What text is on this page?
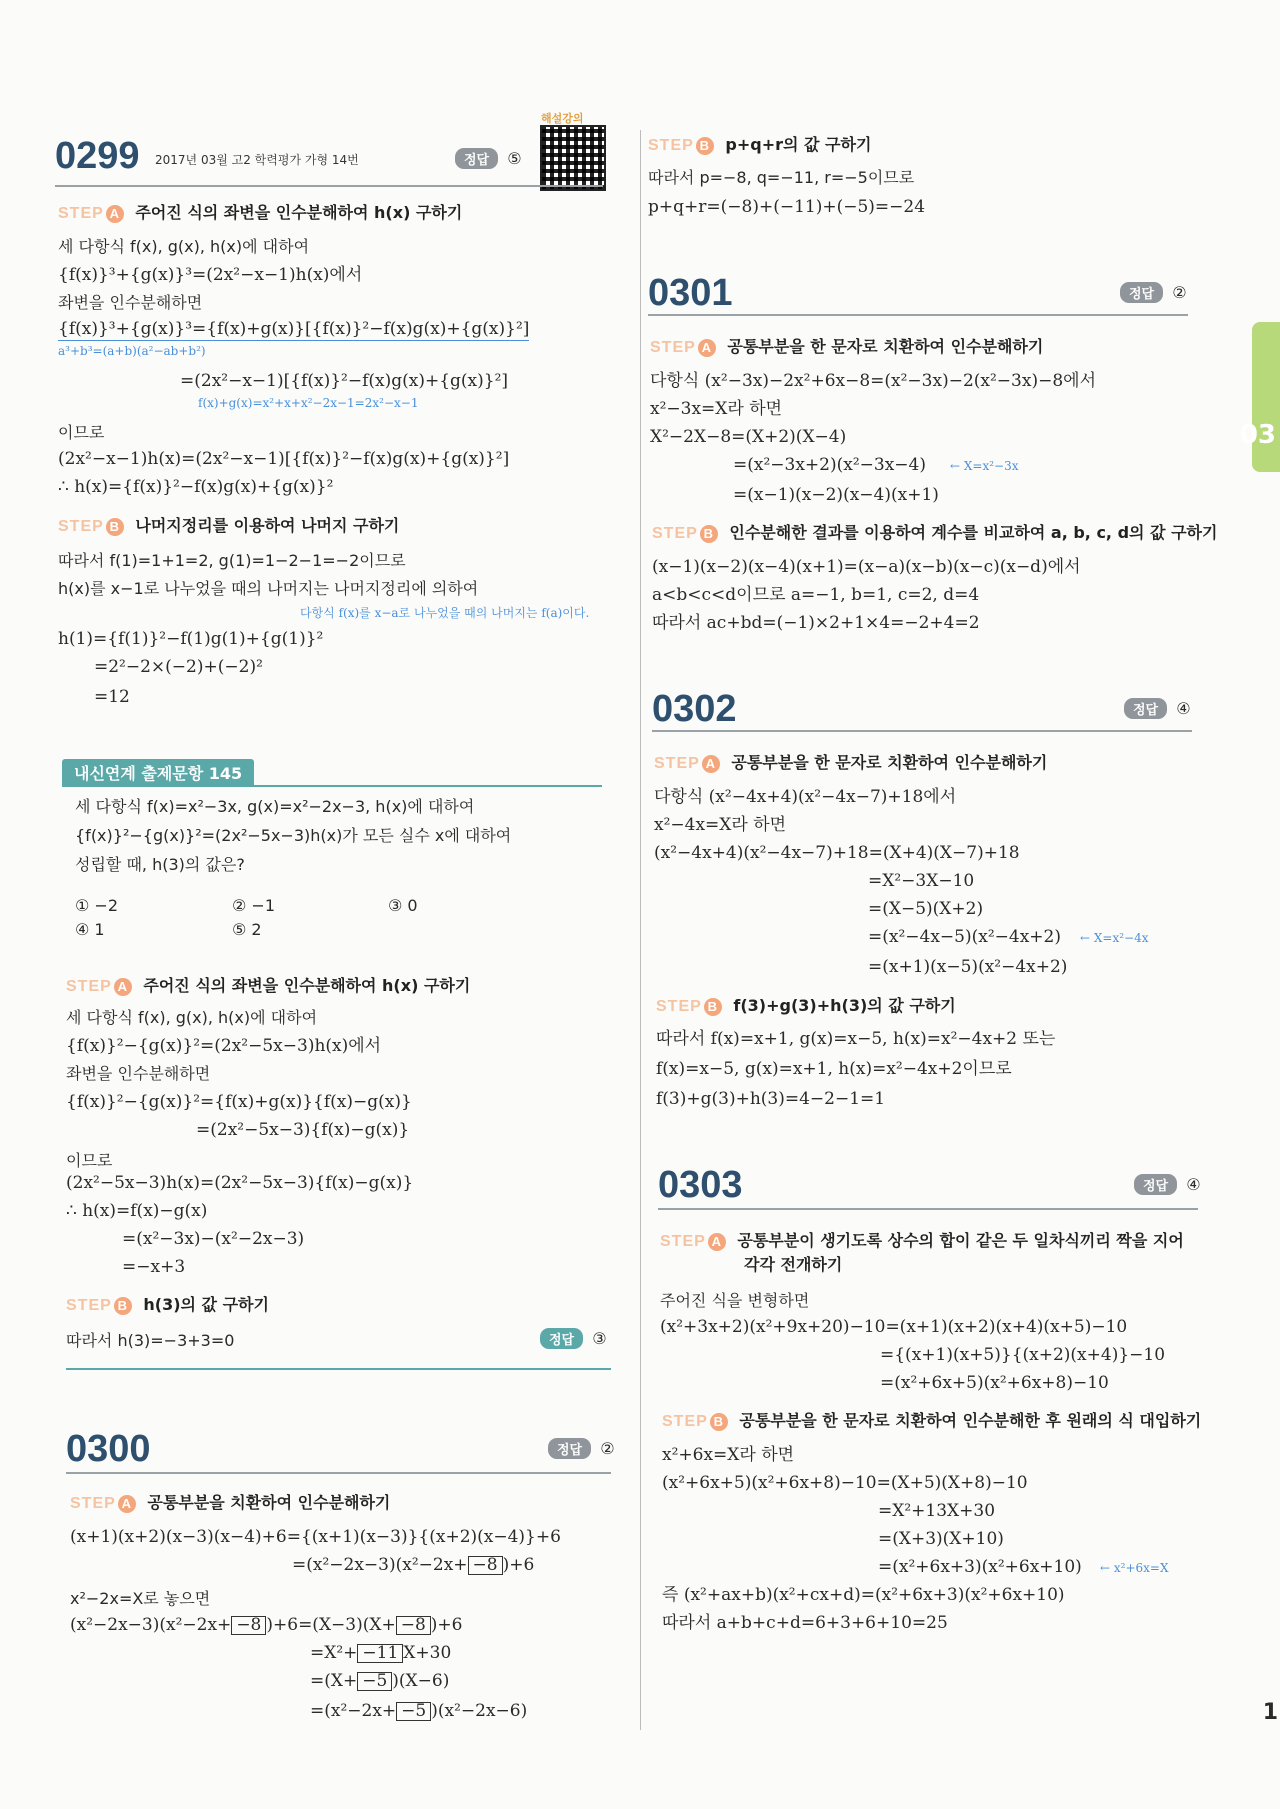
1
0299 2017년 03월 고2 학력평가 가형 14번	정답 ⑤
해설강의
STEP A 주어진 식의 좌변을 인수분해하여 h(x) 구하기
세 다항식 f(x), g(x), h(x)에 대하여
{f(x)}³+{g(x)}³=(2x²−x−1)h(x)에서
좌변을 인수분해하면
{f(x)}³+{g(x)}³={f(x)+g(x)}[{f(x)}²−f(x)g(x)+{g(x)}²]
a³+b³=(a+b)(a²−ab+b²)
=(2x²−x−1)[{f(x)}²−f(x)g(x)+{g(x)}²]
f(x)+g(x)=x²+x+x²−2x−1=2x²−x−1
이므로
(2x²−x−1)h(x)=(2x²−x−1)[{f(x)}²−f(x)g(x)+{g(x)}²]
∴ h(x)={f(x)}²−f(x)g(x)+{g(x)}²
STEP B 나머지정리를 이용하여 나머지 구하기
따라서 f(1)=1+1=2, g(1)=1−2−1=−2이므로
h(x)를 x−1로 나누었을 때의 나머지는 나머지정리에 의하여
다항식 f(x)를 x−a로 나누었을 때의 나머지는 f(a)이다.
h(1)={f(1)}²−f(1)g(1)+{g(1)}²
=2²−2×(−2)+(−2)²
=12
내신연계 출제문항 145
세 다항식 f(x)=x²−3x, g(x)=x²−2x−3, h(x)에 대하여
{f(x)}²−{g(x)}²=(2x²−5x−3)h(x)가 모든 실수 x에 대하여
성립할 때, h(3)의 값은?
① −2	② −1	③ 0
④ 1	⑤ 2
STEP A 주어진 식의 좌변을 인수분해하여 h(x) 구하기
세 다항식 f(x), g(x), h(x)에 대하여
{f(x)}²−{g(x)}²=(2x²−5x−3)h(x)에서
좌변을 인수분해하면
{f(x)}²−{g(x)}²={f(x)+g(x)}{f(x)−g(x)}
=(2x²−5x−3){f(x)−g(x)}
이므로
(2x²−5x−3)h(x)=(2x²−5x−3){f(x)−g(x)}
∴ h(x)=f(x)−g(x)
=(x²−3x)−(x²−2x−3)
=−x+3
STEP B h(3)의 값 구하기
따라서 h(3)=−3+3=0	정답 ③
0300	정답 ②
STEP A 공통부분을 치환하여 인수분해하기
(x+1)(x+2)(x−3)(x−4)+6={(x+1)(x−3)}{(x+2)(x−4)}+6
=(x²−2x−3)(x²−2x+ −8 )+6
x²−2x=X로 놓으면
(x²−2x−3)(x²−2x+ −8 )+6=(X−3)(X+ −8 )+6
=X²+ −11 X+30
=(X+ −5 )(X−6)
=(x²−2x+ −5 )(x²−2x−6)
STEP B p+q+r의 값 구하기
따라서 p=−8, q=−11, r=−5이므로
p+q+r=(−8)+(−11)+(−5)=−24
0301	정답 ②
STEP A 공통부분을 한 문자로 치환하여 인수분해하기
다항식 (x²−3x)−2x²+6x−8=(x²−3x)−2(x²−3x)−8에서
x²−3x=X라 하면
X²−2X−8=(X+2)(X−4)
=(x²−3x+2)(x²−3x−4) ← X=x²−3x
=(x−1)(x−2)(x−4)(x+1)
STEP B 인수분해한 결과를 이용하여 계수를 비교하여 a, b, c, d의 값 구하기
(x−1)(x−2)(x−4)(x+1)=(x−a)(x−b)(x−c)(x−d)에서
a<b<c<d이므로 a=−1, b=1, c=2, d=4
따라서 ac+bd=(−1)×2+1×4=−2+4=2
0302	정답 ④
STEP A 공통부분을 한 문자로 치환하여 인수분해하기
다항식 (x²−4x+4)(x²−4x−7)+18에서
x²−4x=X라 하면
(x²−4x+4)(x²−4x−7)+18=(X+4)(X−7)+18
=X²−3X−10
=(X−5)(X+2)
=(x²−4x−5)(x²−4x+2) ← X=x²−4x
=(x+1)(x−5)(x²−4x+2)
STEP B f(3)+g(3)+h(3)의 값 구하기
따라서 f(x)=x+1, g(x)=x−5, h(x)=x²−4x+2 또는
f(x)=x−5, g(x)=x+1, h(x)=x²−4x+2이므로
f(3)+g(3)+h(3)=4−2−1=1
0303	정답 ④
STEP A 공통부분이 생기도록 상수의 합이 같은 두 일차식끼리 짝을 지어
각각 전개하기
주어진 식을 변형하면
(x²+3x+2)(x²+9x+20)−10=(x+1)(x+2)(x+4)(x+5)−10
={(x+1)(x+5)}{(x+2)(x+4)}−10
=(x²+6x+5)(x²+6x+8)−10
STEP B 공통부분을 한 문자로 치환하여 인수분해한 후 원래의 식 대입하기
x²+6x=X라 하면
(x²+6x+5)(x²+6x+8)−10=(X+5)(X+8)−10
=X²+13X+30
=(X+3)(X+10)
=(x²+6x+3)(x²+6x+10) ← x²+6x=X
즉 (x²+ax+b)(x²+cx+d)=(x²+6x+3)(x²+6x+10)
따라서 a+b+c+d=6+3+6+10=25
03
